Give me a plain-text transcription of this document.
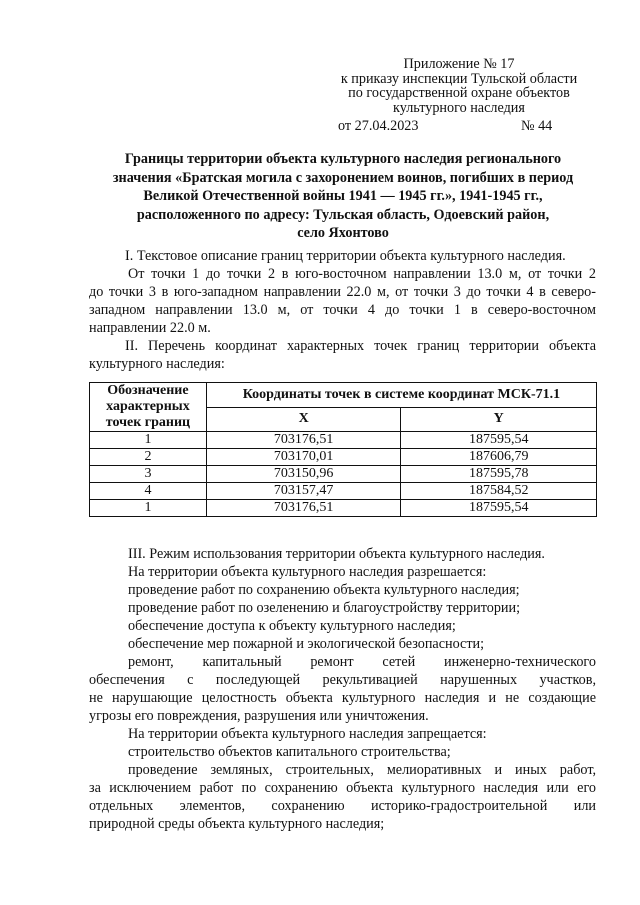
Приложение № 17
к приказу инспекции Тульской области
по государственной охране объектов
культурного наследия
от 27.04.2023	№ 44
Границы территории объекта культурного наследия регионального
значения «Братская могила с захоронением воинов, погибших в период
Великой Отечественной войны 1941 — 1945 гг.», 1941-1945 гг.,
расположенного по адресу: Тульская область, Одоевский район,
село Яхонтово
I. Текстовое описание границ территории объекта культурного наследия.
От точки 1 до точки 2 в юго-восточном направлении 13.0 м, от точки 2
до точки 3 в юго-западном направлении 22.0 м, от точки 3 до точки 4 в северо-
западном направлении 13.0 м, от точки 4 до точки 1 в северо-восточном
направлении 22.0 м.
II. Перечень координат характерных точек границ территории объекта
культурного наследия:
Обозначение характерных точек границ	Координаты точек в системе координат МСК-71.1	
	X	Y
1	703176,51	187595,54
2	703170,01	187606,79
3	703150,96	187595,78
4	703157,47	187584,52
1	703176,51	187595,54
III. Режим использования территории объекта культурного наследия.
На территории объекта культурного наследия разрешается:
проведение работ по сохранению объекта культурного наследия;
проведение работ по озеленению и благоустройству территории;
обеспечение доступа к объекту культурного наследия;
обеспечение мер пожарной и экологической безопасности;
ремонт, капитальный ремонт сетей инженерно-технического
обеспечения с последующей рекультивацией нарушенных участков,
не нарушающие целостность объекта культурного наследия и не создающие
угрозы его повреждения, разрушения или уничтожения.
На территории объекта культурного наследия запрещается:
строительство объектов капитального строительства;
проведение земляных, строительных, мелиоративных и иных работ,
за исключением работ по сохранению объекта культурного наследия или его
отдельных элементов, сохранению историко-градостроительной или
природной среды объекта культурного наследия;
